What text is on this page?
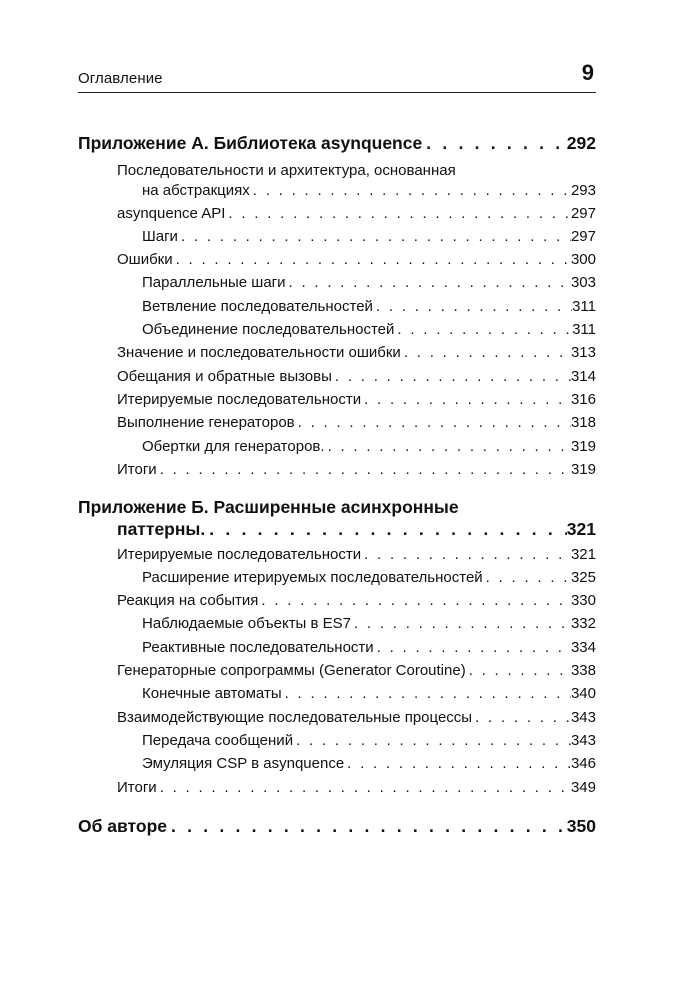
Оглавление	9
Приложение А. Библиотека asynquence . . .	292
Последовательности и архитектура, основанная
на абстракциях . . .	293
asynquence API . . .	297
Шаги . . .	297
Ошибки . . .	300
Параллельные шаги . . .	303
Ветвление последовательностей . . .	311
Объединение последовательностей . . .	311
Значение и последовательности ошибки . . .	313
Обещания и обратные вызовы . . .	314
Итерируемые последовательности . . .	316
Выполнение генераторов . . .	318
Обертки для генераторов. . . .	319
Итоги . . .	319
Приложение Б. Расширенные асинхронные
паттерны. . . .	321
Итерируемые последовательности . . .	321
Расширение итерируемых последовательностей . . .	325
Реакция на события . . .	330
Наблюдаемые объекты в ES7 . . .	332
Реактивные последовательности . . .	334
Генераторные сопрограммы (Generator Coroutine) . . .	338
Конечные автоматы . . .	340
Взаимодействующие последовательные процессы . . .	343
Передача сообщений . . .	343
Эмуляция CSP в asynquence . . .	346
Итоги . . .	349
Об авторе . . .	350
